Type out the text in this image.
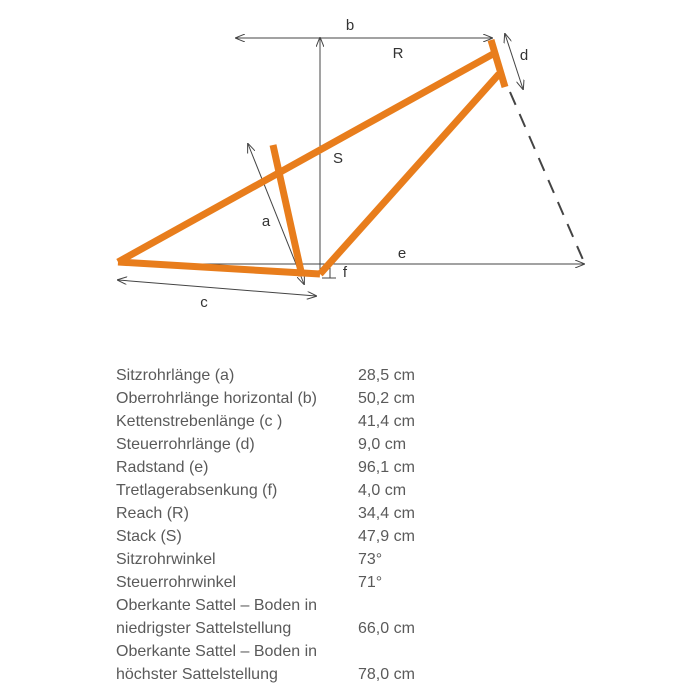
b
R	d
S
a
e
f
c
Sitzrohrlänge (a)	28,5 cm
Oberrohrlänge horizontal (b)	50,2 cm
Kettenstrebenlänge (c )	41,4 cm
Steuerrohrlänge (d)	9,0 cm
Radstand (e)	96,1 cm
Tretlagerabsenkung (f)	4,0 cm
Reach (R)	34,4 cm
Stack (S)	47,9 cm
Sitzrohrwinkel	73°
Steuerrohrwinkel	71°
Oberkante Sattel – Boden in	
niedrigster Sattelstellung	66,0 cm
Oberkante Sattel – Boden in	
höchster Sattelstellung	78,0 cm
